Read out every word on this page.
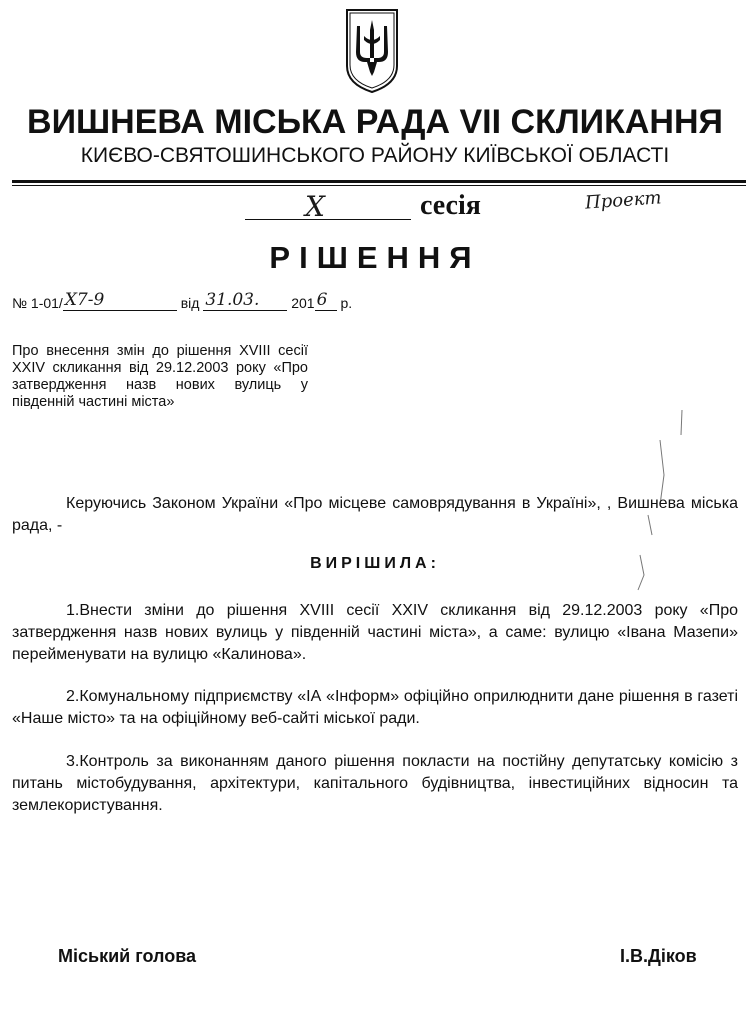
ВИШНЕВА МІСЬКА РАДА VII СКЛИКАННЯ
КИЄВО-СВЯТОШИНСЬКОГО РАЙОНУ КИЇВСЬКОЇ ОБЛАСТІ
X	сесія	Проект
РІШЕННЯ
№ 1-01/ Х7-9	від 31.03. 201 6 р.
Про внесення змін до рішення XVIII сесії XXIV скликання від 29.12.2003 року «Про затвердження назв нових вулиць у південній частині міста»
Керуючись Законом України «Про місцеве самоврядування в Україні», , Вишнева міська рада, -
ВИРІШИЛА:
1.Внести зміни до рішення XVIII сесії XXIV скликання від 29.12.2003 року «Про затвердження назв нових вулиць у південній частині міста», а саме: вулицю «Івана Мазепи» перейменувати на вулицю «Калинова».
2.Комунальному підприємству «ІА «Інформ» офіційно оприлюднити дане рішення в газеті «Наше місто» та на офіційному веб-сайті міської ради.
3.Контроль за виконанням даного рішення покласти на постійну депутатську комісію з питань містобудування, архітектури, капітального будівництва, інвестиційних відносин та землекористування.
Міський голова	І.В.Діков
